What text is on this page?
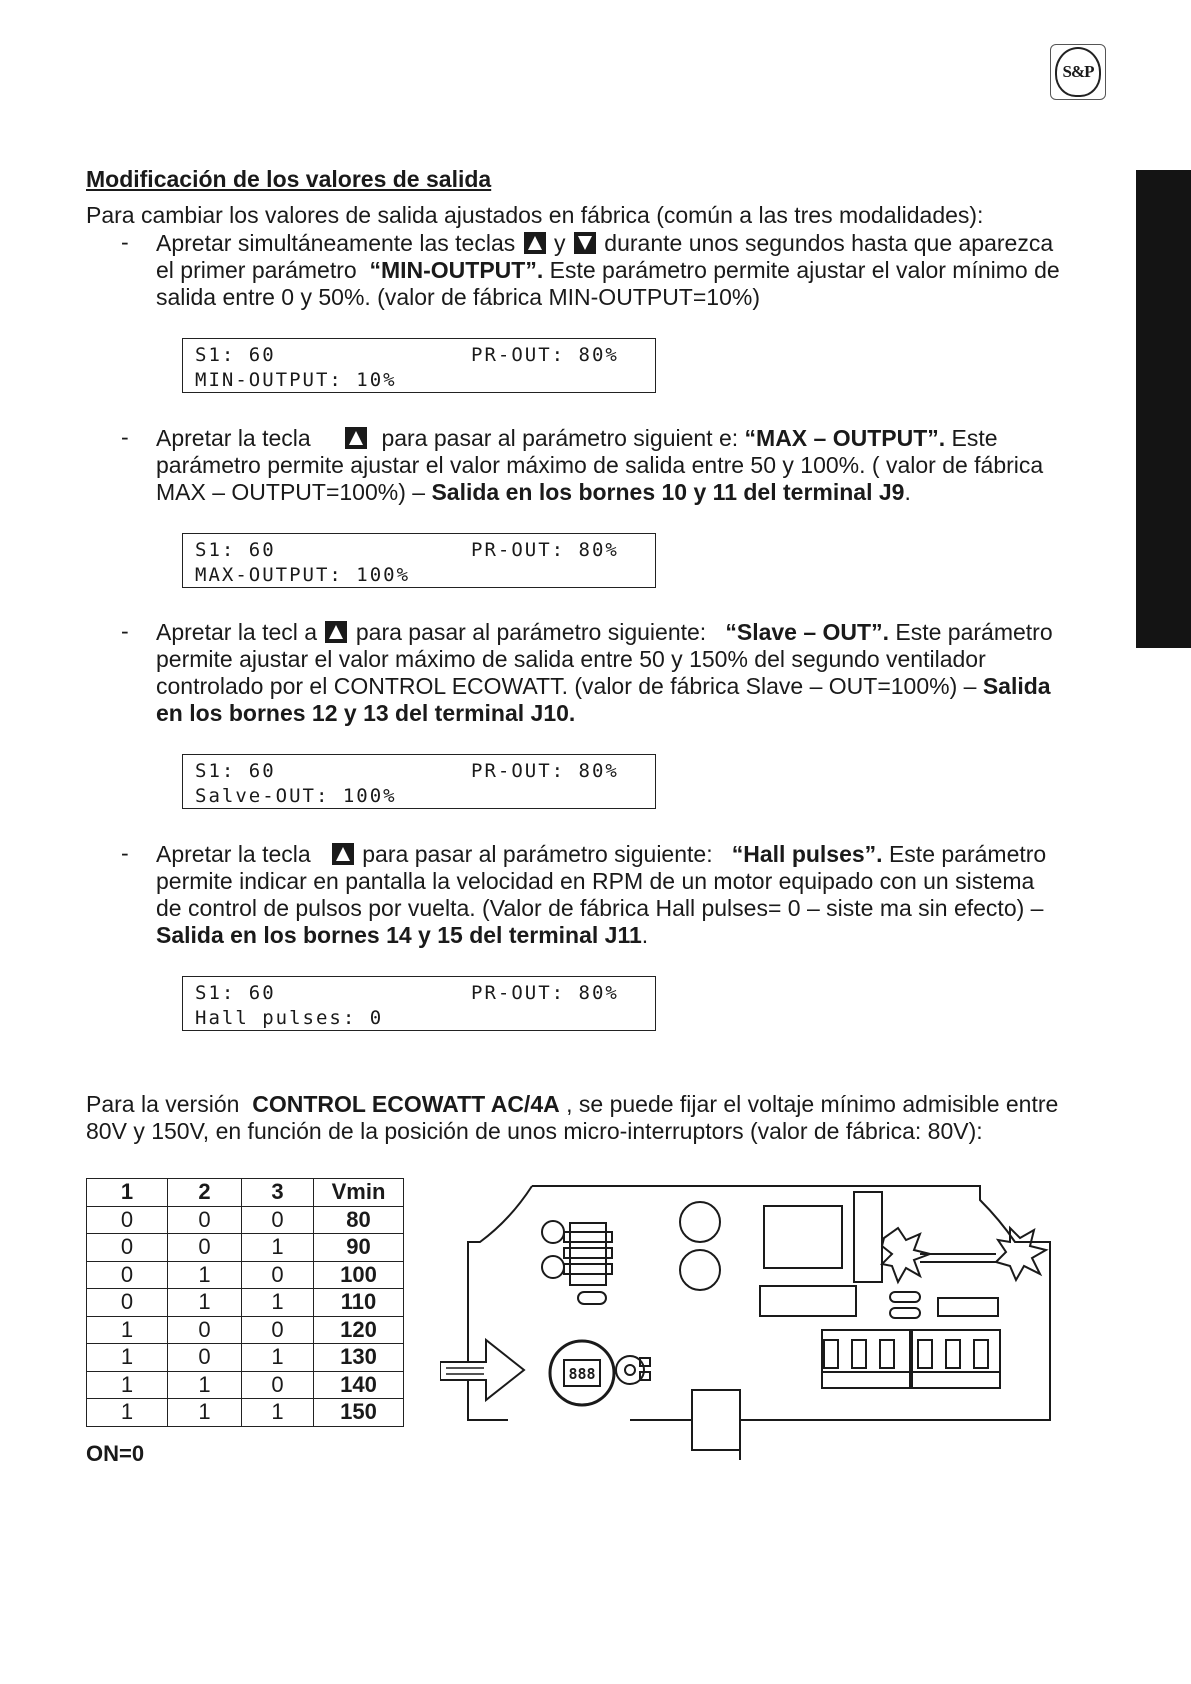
S&P
Modificación de los valores de salida
Para cambiar los valores de salida ajustados en fábrica (común a las tres modalidades):
- Apretar simultáneamente las teclas y durante unos segundos hasta que aparezca
el primer parámetro “MIN-OUTPUT”. Este parámetro permite ajustar el valor mínimo de
salida entre 0 y 50%. (valor de fábrica MIN-OUTPUT=10%)
S1: 60	PR-OUT: 80%
MIN-OUTPUT: 10%
- Apretar la tecla	para pasar al parámetro siguient e: “MAX – OUTPUT”. Este
parámetro permite ajustar el valor máximo de salida entre 50 y 100%. ( valor de fábrica
MAX – OUTPUT=100%) – Salida en los bornes 10 y 11 del terminal J9.
S1: 60	PR-OUT: 80%
MAX-OUTPUT: 100%
- Apretar la tecl a para pasar al parámetro siguiente: “Slave – OUT”. Este parámetro
permite ajustar el valor máximo de salida entre 50 y 150% del segundo ventilador
controlado por el CONTROL ECOWATT. (valor de fábrica Slave – OUT=100%) – Salida
en los bornes 12 y 13 del terminal J10.
S1: 60	PR-OUT: 80%
Salve-OUT: 100%
- Apretar la tecla para pasar al parámetro siguiente: “Hall pulses”. Este parámetro
permite indicar en pantalla la velocidad en RPM de un motor equipado con un sistema
de control de pulsos por vuelta. (Valor de fábrica Hall pulses= 0 – siste ma sin efecto) –
Salida en los bornes 14 y 15 del terminal J11.
S1: 60	PR-OUT: 80%
Hall pulses: 0
Para la versión CONTROL ECOWATT AC/4A , se puede fijar el voltaje mínimo admisible entre
80V y 150V, en función de la posición de unos micro-interruptors (valor de fábrica: 80V):
1	2	3	Vmin
0	0	0	80
0	0	1	90
0	1	0	100
0	1	1	110
1	0	0	120
1	0	1	130
1	1	0	140
1	1	1	150
ON=0
888
